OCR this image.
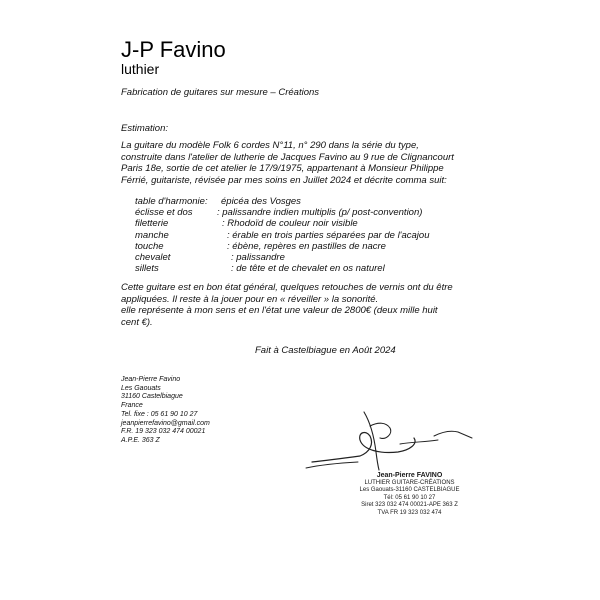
J-P Favino
luthier
Fabrication de guitares sur mesure – Créations
Estimation:
La guitare du modèle Folk 6 cordes N°11, n° 290 dans la série du type,
construite dans l'atelier de lutherie de Jacques Favino au 9 rue de Clignancourt
Paris 18e, sortie de cet atelier le 17/9/1975, appartenant à Monsieur Philippe
Férrié, guitariste, révisée par mes soins en Juillet 2024 et décrite comma suit:
table d'harmonie: épicéa des Vosges
éclisse et dos	: palissandre indien multiplis (p/ post-convention)
filetterie	: Rhodoïd de couleur noir visible
manche	: érable en trois parties séparées par de l'acajou
touche	: ébène, repères en pastilles de nacre
chevalet	: palissandre
sillets	: de tête et de chevalet en os naturel
Cette guitare est en bon état général, quelques retouches de vernis ont du être
appliquées. Il reste à la jouer pour en « réveiller » la sonorité.
elle représente à mon sens et en l'état une valeur de 2800€ (deux mille huit
cent €).
Fait à Castelbiague en Août 2024
Jean-Pierre Favino
Les Gaouats
31160 Castelbiague
France
Tel. fixe : 05 61 90 10 27
jeanpierrefavino@gmail.com
F.R. 19 323 032 474 00021
A.P.E. 363 Z
Jean-Pierre FAVINO
LUTHIER GUITARE-CRÉATIONS
Les Gaouats-31160 CASTELBIAGUE
Tél: 05 61 90 10 27
Siret 323 032 474 00021-APE 363 Z
TVA FR 19 323 032 474
